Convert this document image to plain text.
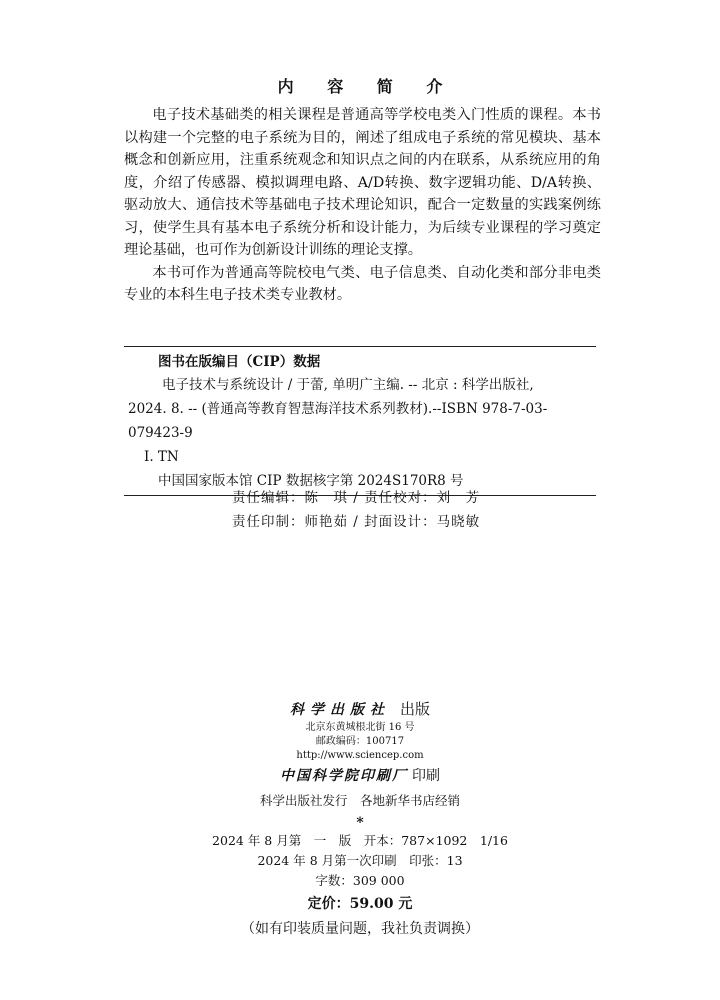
内 容 简 介

电子技术基础类的相关课程是普通高等学校电类入门性质的课程。本书以构建一个完整的电子系统为目的，阐述了组成电子系统的常见模块、基本概念和创新应用，注重系统观念和知识点之间的内在联系，从系统应用的角度，介绍了传感器、模拟调理电路、A/D转换、数字逻辑功能、D/A转换、驱动放大、通信技术等基础电子技术理论知识，配合一定数量的实践案例练习，使学生具有基本电子系统分析和设计能力，为后续专业课程的学习奠定理论基础，也可作为创新设计训练的理论支撑。

本书可作为普通高等院校电气类、电子信息类、自动化类和部分非电类专业的本科生电子技术类专业教材。

图书在版编目（CIP）数据
电子技术与系统设计 / 于蕾, 单明广主编. -- 北京 : 科学出版社,
2024. 8. -- (普通高等教育智慧海洋技术系列教材).--ISBN 978-7-03-
079423-9
Ⅰ. TN
中国国家版本馆 CIP 数据核字第 2024S170R8 号
责任编辑：陈　琪 / 责任校对：刘　芳
责任印制：师艳茹 / 封面设计：马晓敏
科学出版社 出版
北京东黄城根北街 16 号
邮政编码：100717
http://www.sciencep.com
中国科学院印刷厂 印刷
科学出版社发行　各地新华书店经销
*
2024 年 8 月第　一　版　开本：787×1092　1/16
2024 年 8 月第一次印刷　印张：13
字数：309 000
定价：59.00 元
（如有印装质量问题，我社负责调换）
